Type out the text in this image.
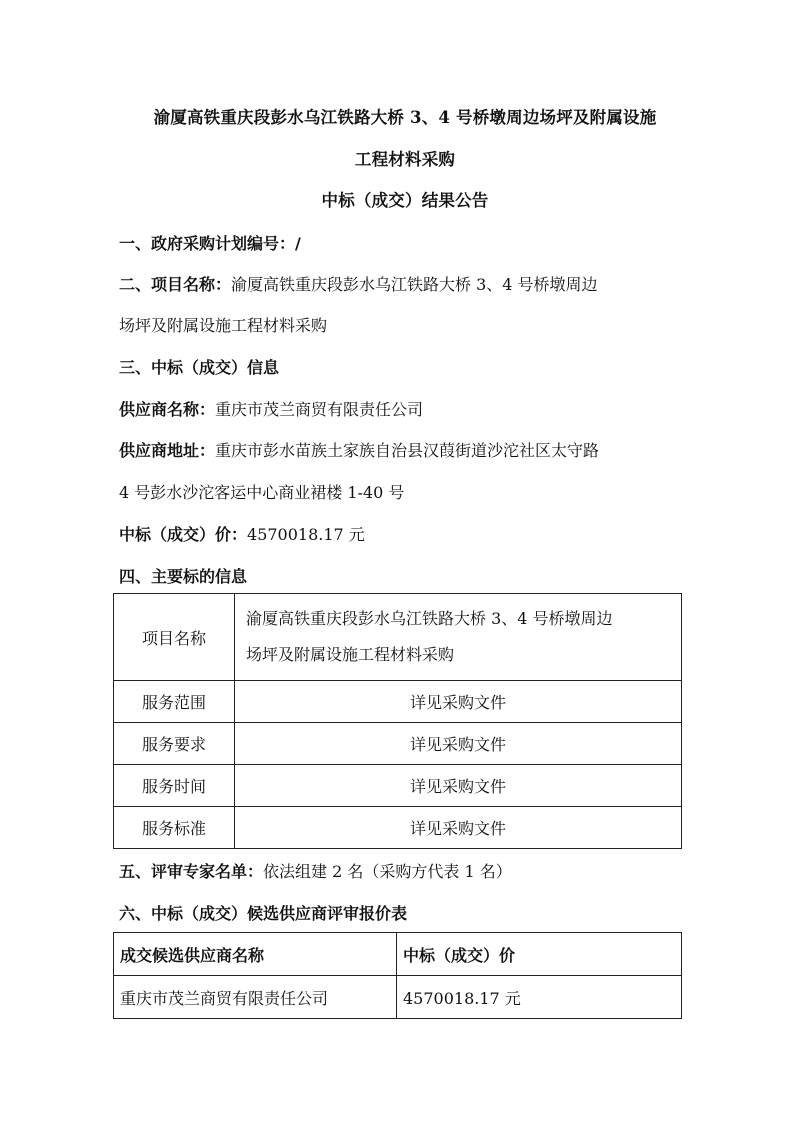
渝厦高铁重庆段彭水乌江铁路大桥 3、4 号桥墩周边场坪及附属设施
工程材料采购
中标（成交）结果公告
一、政府采购计划编号：/
二、项目名称：渝厦高铁重庆段彭水乌江铁路大桥 3、4 号桥墩周边
场坪及附属设施工程材料采购
三、中标（成交）信息
供应商名称：重庆市茂兰商贸有限责任公司
供应商地址：重庆市彭水苗族土家族自治县汉葭街道沙沱社区太守路
4 号彭水沙沱客运中心商业裙楼 1-40 号
中标（成交）价：4570018.17 元
四、主要标的信息
项目名称	渝厦高铁重庆段彭水乌江铁路大桥 3、4 号桥墩周边
场坪及附属设施工程材料采购

服务范围	详见采购文件
服务要求	详见采购文件
服务时间	详见采购文件
服务标准	详见采购文件
五、评审专家名单：依法组建 2 名（采购方代表 1 名）
六、中标（成交）候选供应商评审报价表
成交候选供应商名称	中标（成交）价
重庆市茂兰商贸有限责任公司	4570018.17 元
